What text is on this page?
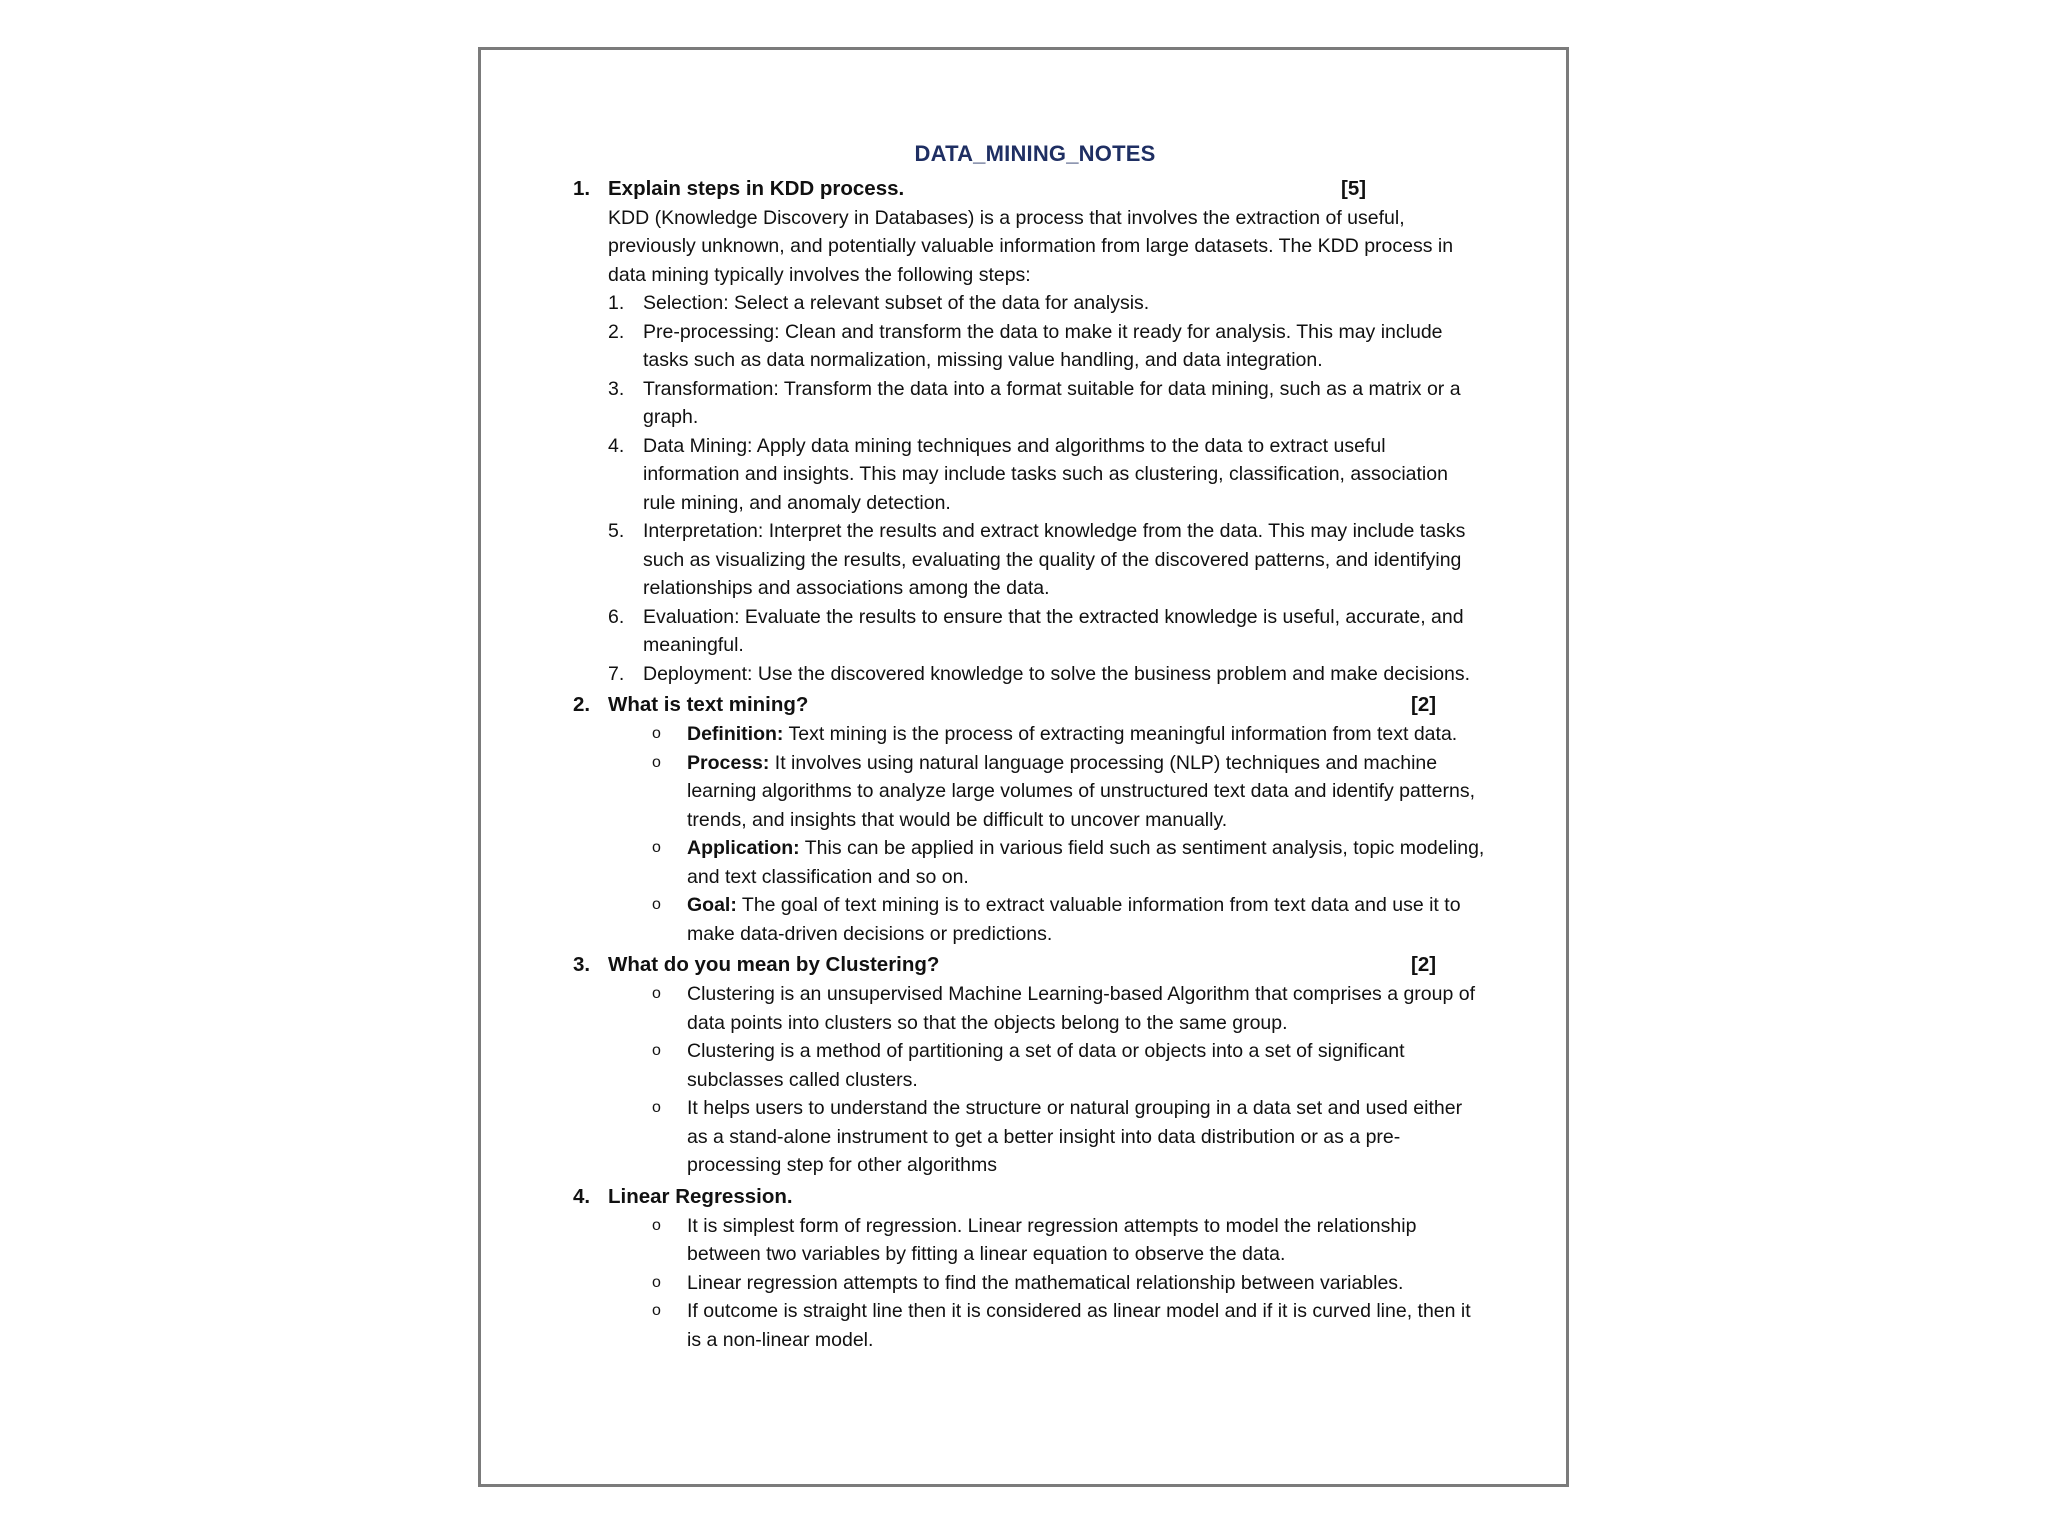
DATA_MINING_NOTES
1. Explain steps in KDD process.	[5]
KDD (Knowledge Discovery in Databases) is a process that involves the extraction of useful, previously unknown, and potentially valuable information from large datasets. The KDD process in data mining typically involves the following steps:
1. Selection: Select a relevant subset of the data for analysis.
2. Pre-processing: Clean and transform the data to make it ready for analysis. This may include tasks such as data normalization, missing value handling, and data integration.
3. Transformation: Transform the data into a format suitable for data mining, such as a matrix or a graph.
4. Data Mining: Apply data mining techniques and algorithms to the data to extract useful information and insights. This may include tasks such as clustering, classification, association rule mining, and anomaly detection.
5. Interpretation: Interpret the results and extract knowledge from the data. This may include tasks such as visualizing the results, evaluating the quality of the discovered patterns, and identifying relationships and associations among the data.
6. Evaluation: Evaluate the results to ensure that the extracted knowledge is useful, accurate, and meaningful.
7. Deployment: Use the discovered knowledge to solve the business problem and make decisions.
2. What is text mining?	[2]
o Definition: Text mining is the process of extracting meaningful information from text data.
o Process: It involves using natural language processing (NLP) techniques and machine learning algorithms to analyze large volumes of unstructured text data and identify patterns, trends, and insights that would be difficult to uncover manually.
o Application: This can be applied in various field such as sentiment analysis, topic modeling, and text classification and so on.
o Goal: The goal of text mining is to extract valuable information from text data and use it to make data-driven decisions or predictions.
3. What do you mean by Clustering?	[2]
o Clustering is an unsupervised Machine Learning-based Algorithm that comprises a group of data points into clusters so that the objects belong to the same group.
o Clustering is a method of partitioning a set of data or objects into a set of significant subclasses called clusters.
o It helps users to understand the structure or natural grouping in a data set and used either as a stand-alone instrument to get a better insight into data distribution or as a pre-processing step for other algorithms
4. Linear Regression.
o It is simplest form of regression. Linear regression attempts to model the relationship between two variables by fitting a linear equation to observe the data.
o Linear regression attempts to find the mathematical relationship between variables.
o If outcome is straight line then it is considered as linear model and if it is curved line, then it is a non-linear model.
